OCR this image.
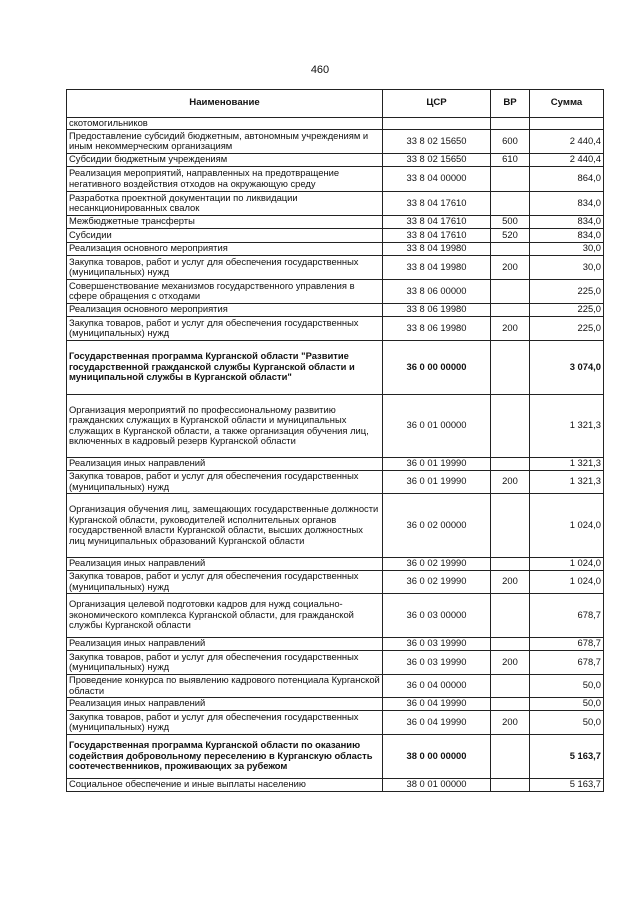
460
Наименование	ЦСР	ВР	Сумма
скотомогильников			
Предоставление субсидий бюджетным, автономным учреждениям и иным некоммерческим организациям	33 8 02 15650	600	2 440,4
Субсидии бюджетным учреждениям	33 8 02 15650	610	2 440,4
Реализация мероприятий, направленных на предотвращение негативного воздействия отходов на окружающую среду	33 8 04 00000		864,0
Разработка проектной документации по ликвидации несанкционированных свалок	33 8 04 17610		834,0
Межбюджетные трансферты	33 8 04 17610	500	834,0
Субсидии	33 8 04 17610	520	834,0
Реализация основного мероприятия	33 8 04 19980		30,0
Закупка товаров, работ и услуг для обеспечения государственных (муниципальных) нужд	33 8 04 19980	200	30,0
Совершенствование механизмов государственного управления в сфере обращения с отходами	33 8 06 00000		225,0
Реализация основного мероприятия	33 8 06 19980		225,0
Закупка товаров, работ и услуг для обеспечения государственных (муниципальных) нужд	33 8 06 19980	200	225,0
Государственная программа Курганской области "Развитие государственной гражданской службы Курганской области и муниципальной службы в Курганской области"	36 0 00 00000		3 074,0
Организация мероприятий по профессиональному развитию гражданских служащих в Курганской области и муниципальных служащих в Курганской области, а также организация обучения лиц, включенных в кадровый резерв Курганской области	36 0 01 00000		1 321,3
Реализация иных направлений	36 0 01 19990		1 321,3
Закупка товаров, работ и услуг для обеспечения государственных (муниципальных) нужд	36 0 01 19990	200	1 321,3
Организация обучения лиц, замещающих государственные должности Курганской области, руководителей исполнительных органов государственной власти Курганской области, высших должностных лиц муниципальных образований Курганской области	36 0 02 00000		1 024,0
Реализация иных направлений	36 0 02 19990		1 024,0
Закупка товаров, работ и услуг для обеспечения государственных (муниципальных) нужд	36 0 02 19990	200	1 024,0
Организация целевой подготовки кадров для нужд социально-экономического комплекса Курганской области, для гражданской службы Курганской области	36 0 03 00000		678,7
Реализация иных направлений	36 0 03 19990		678,7
Закупка товаров, работ и услуг для обеспечения государственных (муниципальных) нужд	36 0 03 19990	200	678,7
Проведение конкурса по выявлению кадрового потенциала Курганской области	36 0 04 00000		50,0
Реализация иных направлений	36 0 04 19990		50,0
Закупка товаров, работ и услуг для обеспечения государственных (муниципальных) нужд	36 0 04 19990	200	50,0
Государственная программа Курганской области по оказанию содействия добровольному переселению в Курганскую область соотечественников, проживающих за рубежом	38 0 00 00000		5 163,7
Социальное обеспечение и иные выплаты населению	38 0 01 00000		5 163,7
